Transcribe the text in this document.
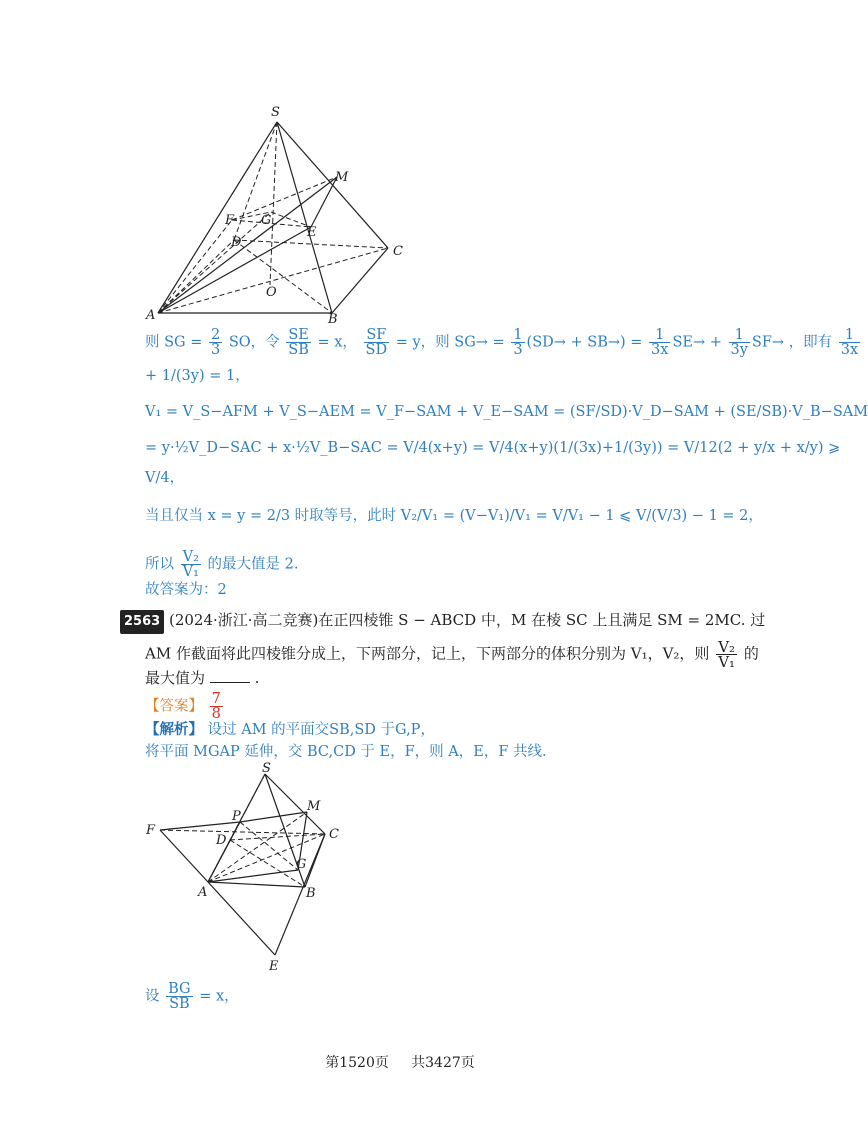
S
M
F G
E
D
C
O
A	B
则 SG = $\frac{2}{3}$ SO，令 $\frac{SE}{SB} = x$， $\frac{SF}{SD} = y$，则 $SG\to = \frac{1}{3} (SD\to + SB\to) = \frac{1}{3x} SE\to + \frac{1}{3y} SF\to$ ，即有 $\frac{1}{3x}$
+ 1/(3y) = 1，
V₁ = V_S−AFM + V_S−AEM = V_F−SAM + V_E−SAM = (SF/SD)·V_D−SAM + (SE/SB)·V_B−SAM
= y·½V_D−SAC + x·½V_B−SAC = V/4(x+y) = V/4(x+y)(1/(3x)+1/(3y)) = V/12(2 + y/x + x/y) ⩾
V/4，
当且仅当 x = y = 2/3 时取等号，此时 V₂/V₁ = (V−V₁)/V₁ = V/V₁ − 1 ⩽ V/(V/3) − 1 = 2，
所以 $\frac{\text{V₂}}{\text{V₁}}$ 的最大值是 2.
故答案为：2
2563 (2024·浙江·高二竞赛)在正四棱锥 S − ABCD 中，M 在棱 SC 上且满足 SM = 2MC. 过
AM 作截面将此四棱锥分成上，下两部分，记上，下两部分的体积分别为 V₁，V₂，则 $\frac{\text{V₂}}{\text{V₁}}$ 的
最大值为	.
【答案】 $\frac{7}{8}$
【解析】 设过 AM 的平面交SB,SD 于G,P，
将平面 MGAP 延伸，交 BC,CD 于 E，F，则 A，E，F 共线.
S
P
M
F	C
D
G
A	B
E
设 $\frac{BG}{SB} = x$，
第1520页 共3427页
